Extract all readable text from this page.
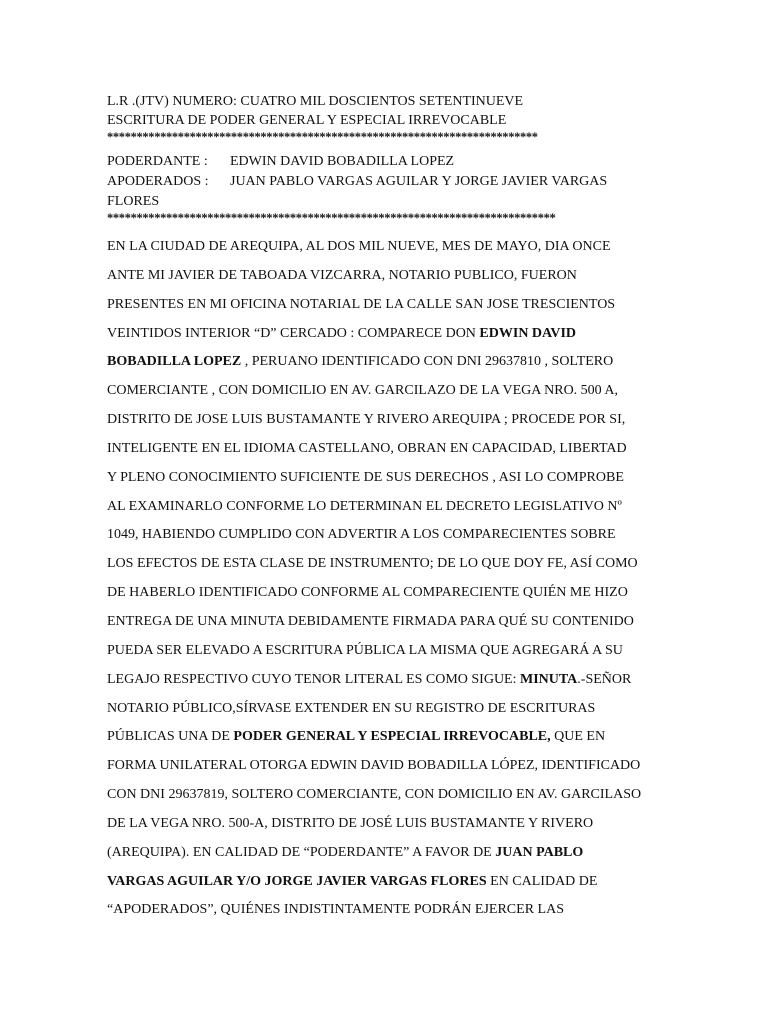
L.R .(JTV) NUMERO: CUATRO MIL DOSCIENTOS SETENTINUEVE
ESCRITURA DE PODER GENERAL Y ESPECIAL IRREVOCABLE
*************************************************************************
PODERDANTE : EDWIN DAVID BOBADILLA LOPEZ
APODERADOS : JUAN PABLO VARGAS AGUILAR Y JORGE JAVIER VARGAS
FLORES
****************************************************************************
EN LA CIUDAD DE AREQUIPA, AL DOS MIL NUEVE, MES DE MAYO, DIA ONCE
ANTE MI JAVIER DE TABOADA VIZCARRA, NOTARIO PUBLICO, FUERON
PRESENTES EN MI OFICINA NOTARIAL DE LA CALLE SAN JOSE TRESCIENTOS
VEINTIDOS INTERIOR “D” CERCADO : COMPARECE DON EDWIN DAVID
BOBADILLA LOPEZ , PERUANO IDENTIFICADO CON DNI 29637810 , SOLTERO
COMERCIANTE , CON DOMICILIO EN AV. GARCILAZO DE LA VEGA NRO. 500 A,
DISTRITO DE JOSE LUIS BUSTAMANTE Y RIVERO AREQUIPA ; PROCEDE POR SI,
INTELIGENTE EN EL IDIOMA CASTELLANO, OBRAN EN CAPACIDAD, LIBERTAD
Y PLENO CONOCIMIENTO SUFICIENTE DE SUS DERECHOS , ASI LO COMPROBE
AL EXAMINARLO CONFORME LO DETERMINAN EL DECRETO LEGISLATIVO Nº
1049, HABIENDO CUMPLIDO CON ADVERTIR A LOS COMPARECIENTES SOBRE
LOS EFECTOS DE ESTA CLASE DE INSTRUMENTO; DE LO QUE DOY FE, ASÍ COMO
DE HABERLO IDENTIFICADO CONFORME AL COMPARECIENTE QUIÉN ME HIZO
ENTREGA DE UNA MINUTA DEBIDAMENTE FIRMADA PARA QUÉ SU CONTENIDO
PUEDA SER ELEVADO A ESCRITURA PÚBLICA LA MISMA QUE AGREGARÁ A SU
LEGAJO RESPECTIVO CUYO TENOR LITERAL ES COMO SIGUE: MINUTA.-SEÑOR
NOTARIO PÚBLICO,SÍRVASE EXTENDER EN SU REGISTRO DE ESCRITURAS
PÚBLICAS UNA DE PODER GENERAL Y ESPECIAL IRREVOCABLE, QUE EN
FORMA UNILATERAL OTORGA EDWIN DAVID BOBADILLA LÓPEZ, IDENTIFICADO
CON DNI 29637819, SOLTERO COMERCIANTE, CON DOMICILIO EN AV. GARCILASO
DE LA VEGA NRO. 500-A, DISTRITO DE JOSÉ LUIS BUSTAMANTE Y RIVERO
(AREQUIPA). EN CALIDAD DE “PODERDANTE” A FAVOR DE JUAN PABLO
VARGAS AGUILAR Y/O JORGE JAVIER VARGAS FLORES EN CALIDAD DE
“APODERADOS”, QUIÉNES INDISTINTAMENTE PODRÁN EJERCER LAS
